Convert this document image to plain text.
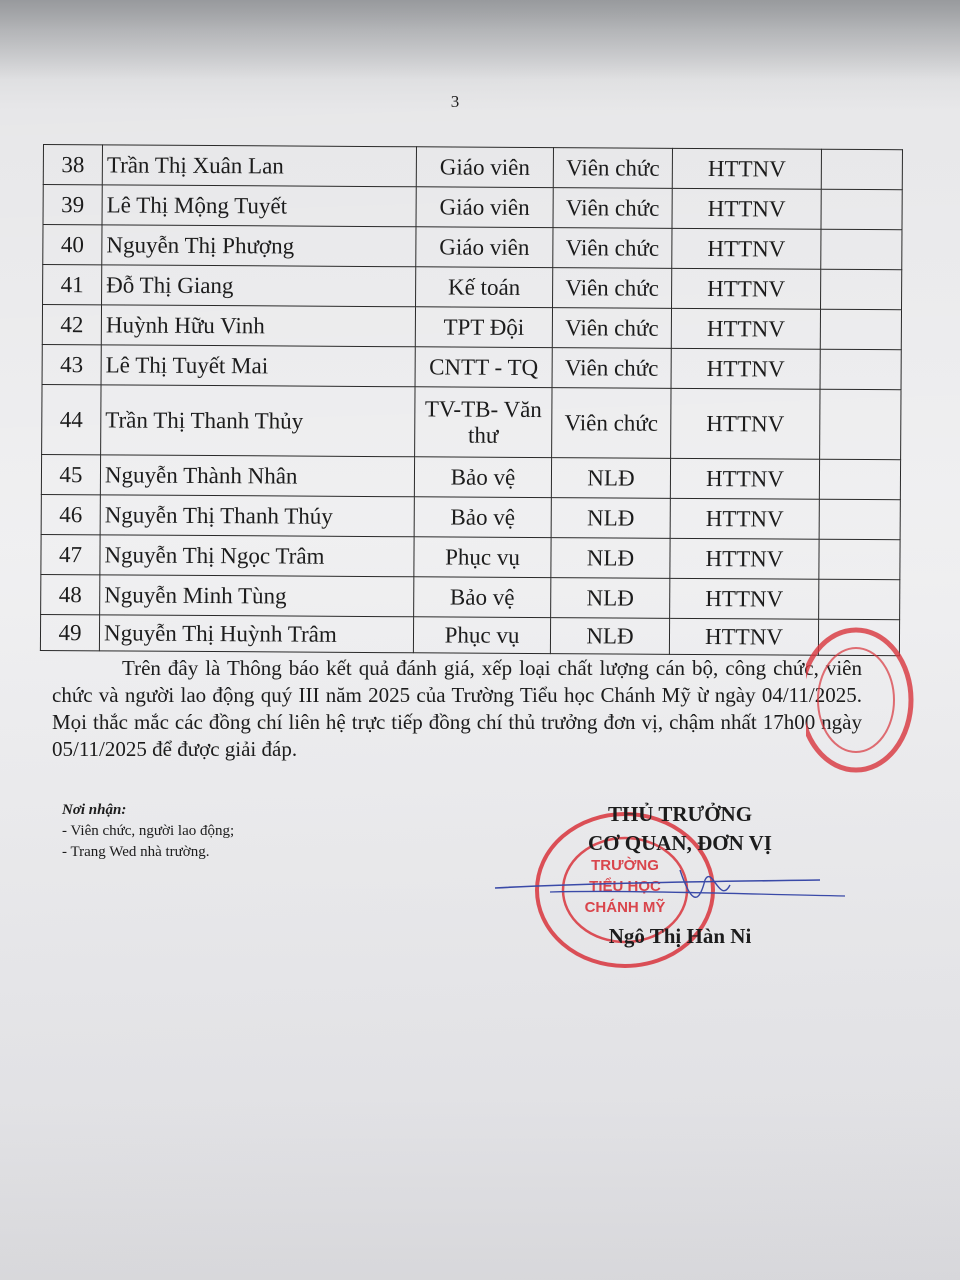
3
38	Trần Thị Xuân Lan	Giáo viên	Viên chức	HTTNV	
39	Lê Thị Mộng Tuyết	Giáo viên	Viên chức	HTTNV	
40	Nguyễn Thị Phượng	Giáo viên	Viên chức	HTTNV	
41	Đỗ Thị Giang	Kế toán	Viên chức	HTTNV	
42	Huỳnh Hữu Vinh	TPT Đội	Viên chức	HTTNV	
43	Lê Thị Tuyết Mai	CNTT - TQ	Viên chức	HTTNV	
44	Trần Thị Thanh Thủy	TV-TB- Văn thư	Viên chức	HTTNV	
45	Nguyễn Thành Nhân	Bảo vệ	NLĐ	HTTNV	
46	Nguyễn Thị Thanh Thúy	Bảo vệ	NLĐ	HTTNV	
47	Nguyễn Thị Ngọc Trâm	Phục vụ	NLĐ	HTTNV	
48	Nguyễn Minh Tùng	Bảo vệ	NLĐ	HTTNV	
49	Nguyễn Thị Huỳnh Trâm	Phục vụ	NLĐ	HTTNV	

Trên đây là Thông báo kết quả đánh giá, xếp loại chất lượng cán bộ, công chức, viên chức và người lao động quý III năm 2025 của Trường Tiểu học Chánh Mỹ ừ ngày 04/11/2025. Mọi thắc mắc các đồng chí liên hệ trực tiếp đồng chí thủ trưởng đơn vị, chậm nhất 17h00 ngày 05/11/2025 để được giải đáp.

Nơi nhận:
- Viên chức, người lao động;
- Trang Wed nhà trường.
TRƯỜNG
TIỂU HỌC
CHÁNH MỸ
THỦ TRƯỞNG
CƠ QUAN, ĐƠN VỊ
Ngô Thị Hàn Ni
